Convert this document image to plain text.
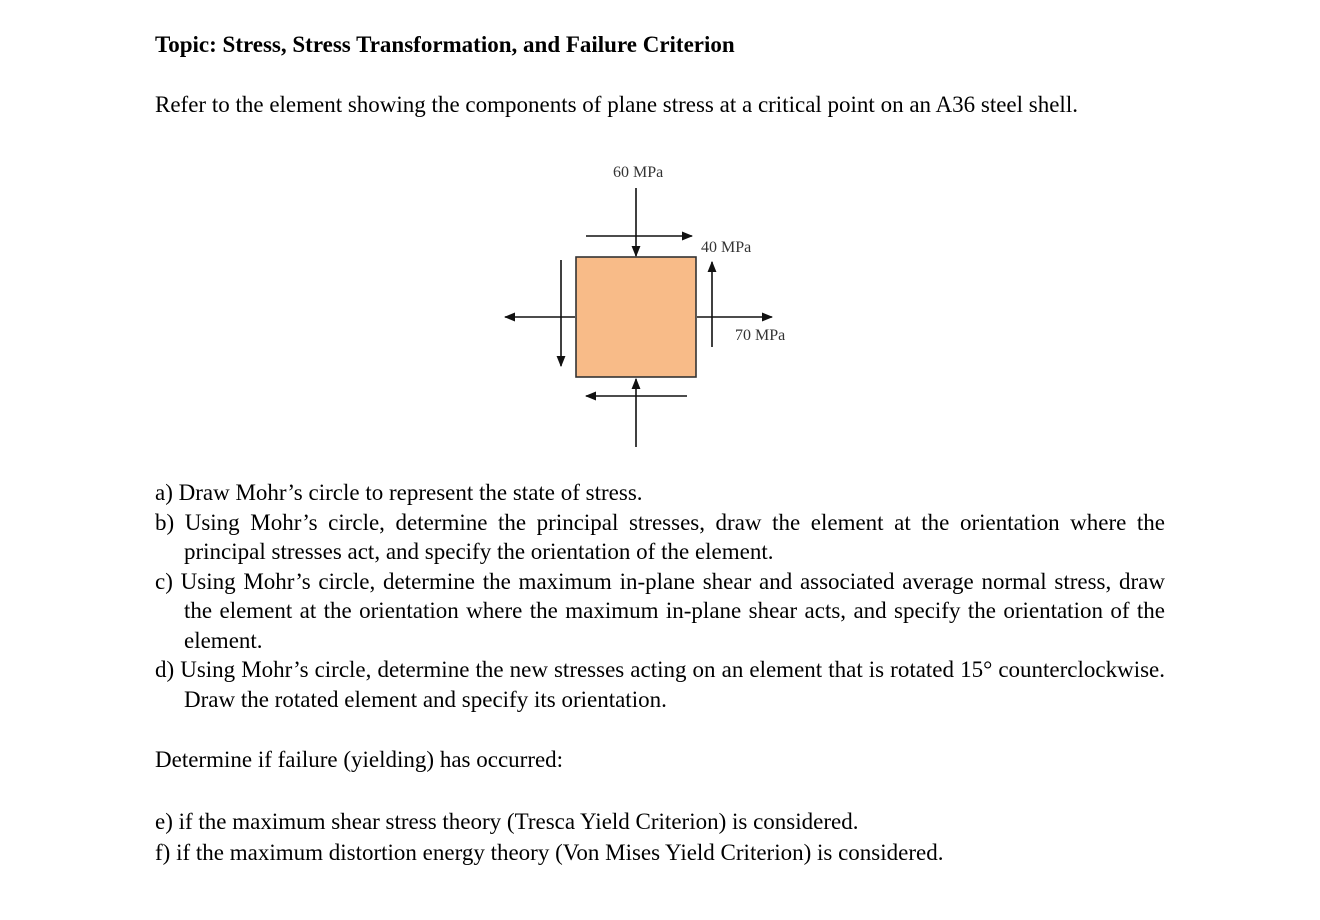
Topic: Stress, Stress Transformation, and Failure Criterion

Refer to the element showing the components of plane stress at a critical point on an A36 steel shell.

60 MPa
40 MPa
70 MPa
a) Draw Mohr’s circle to represent the state of stress.
b) Using Mohr’s circle, determine the principal stresses, draw the element at the orientation where the principal stresses act, and specify the orientation of the element.
c) Using Mohr’s circle, determine the maximum in-plane shear and associated average normal stress, draw the element at the orientation where the maximum in-plane shear acts, and specify the orientation of the element.
d) Using Mohr’s circle, determine the new stresses acting on an element that is rotated 15° counterclockwise. Draw the rotated element and specify its orientation.

Determine if failure (yielding) has occurred:

e) if the maximum shear stress theory (Tresca Yield Criterion) is considered.
f) if the maximum distortion energy theory (Von Mises Yield Criterion) is considered.
